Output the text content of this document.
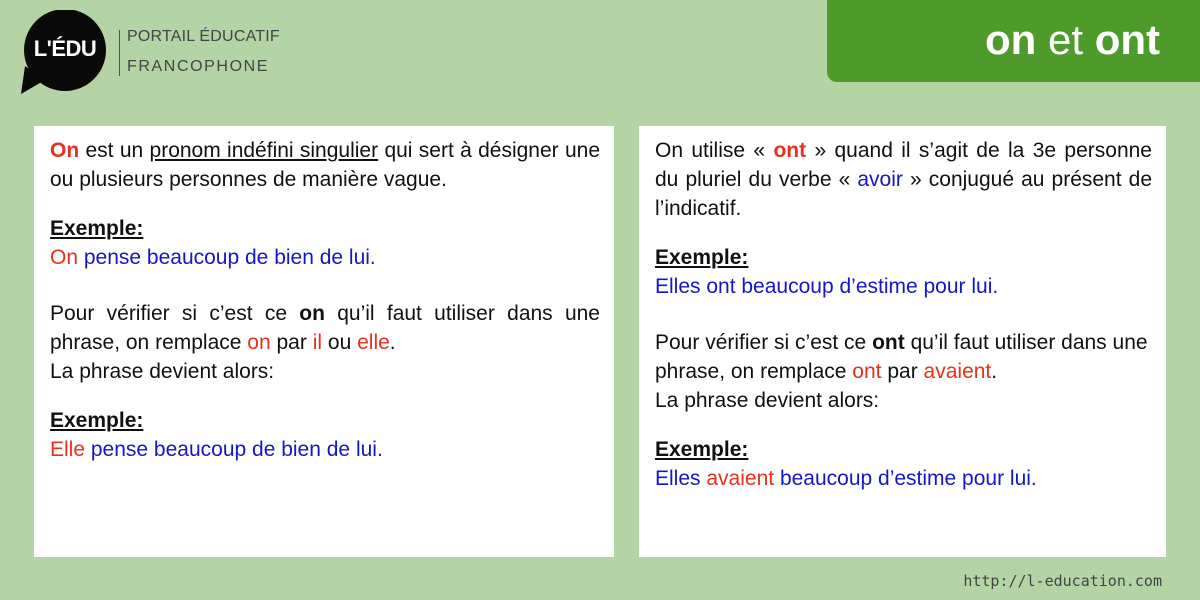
L'ÉDU	PORTAIL ÉDUCATIF
FRANCOPHONE
on et ont

On est un pronom indéfini singulier qui sert à désigner une ou plusieurs personnes de manière vague.

Exemple:

On pense beaucoup de bien de lui.

Pour vérifier si c’est ce on qu’il faut utiliser dans une phrase, on remplace on par il ou elle.

La phrase devient alors:

Exemple:

Elle pense beaucoup de bien de lui.

On utilise « ont » quand il s’agit de la 3e personne du pluriel du verbe « avoir » conjugué au présent de l’indicatif.

Exemple:

Elles ont beaucoup d’estime pour lui.

Pour vérifier si c’est ce ont qu’il faut utiliser dans une phrase, on remplace ont par avaient.

La phrase devient alors:

Exemple:

Elles avaient beaucoup d’estime pour lui.

http://l-education.com
